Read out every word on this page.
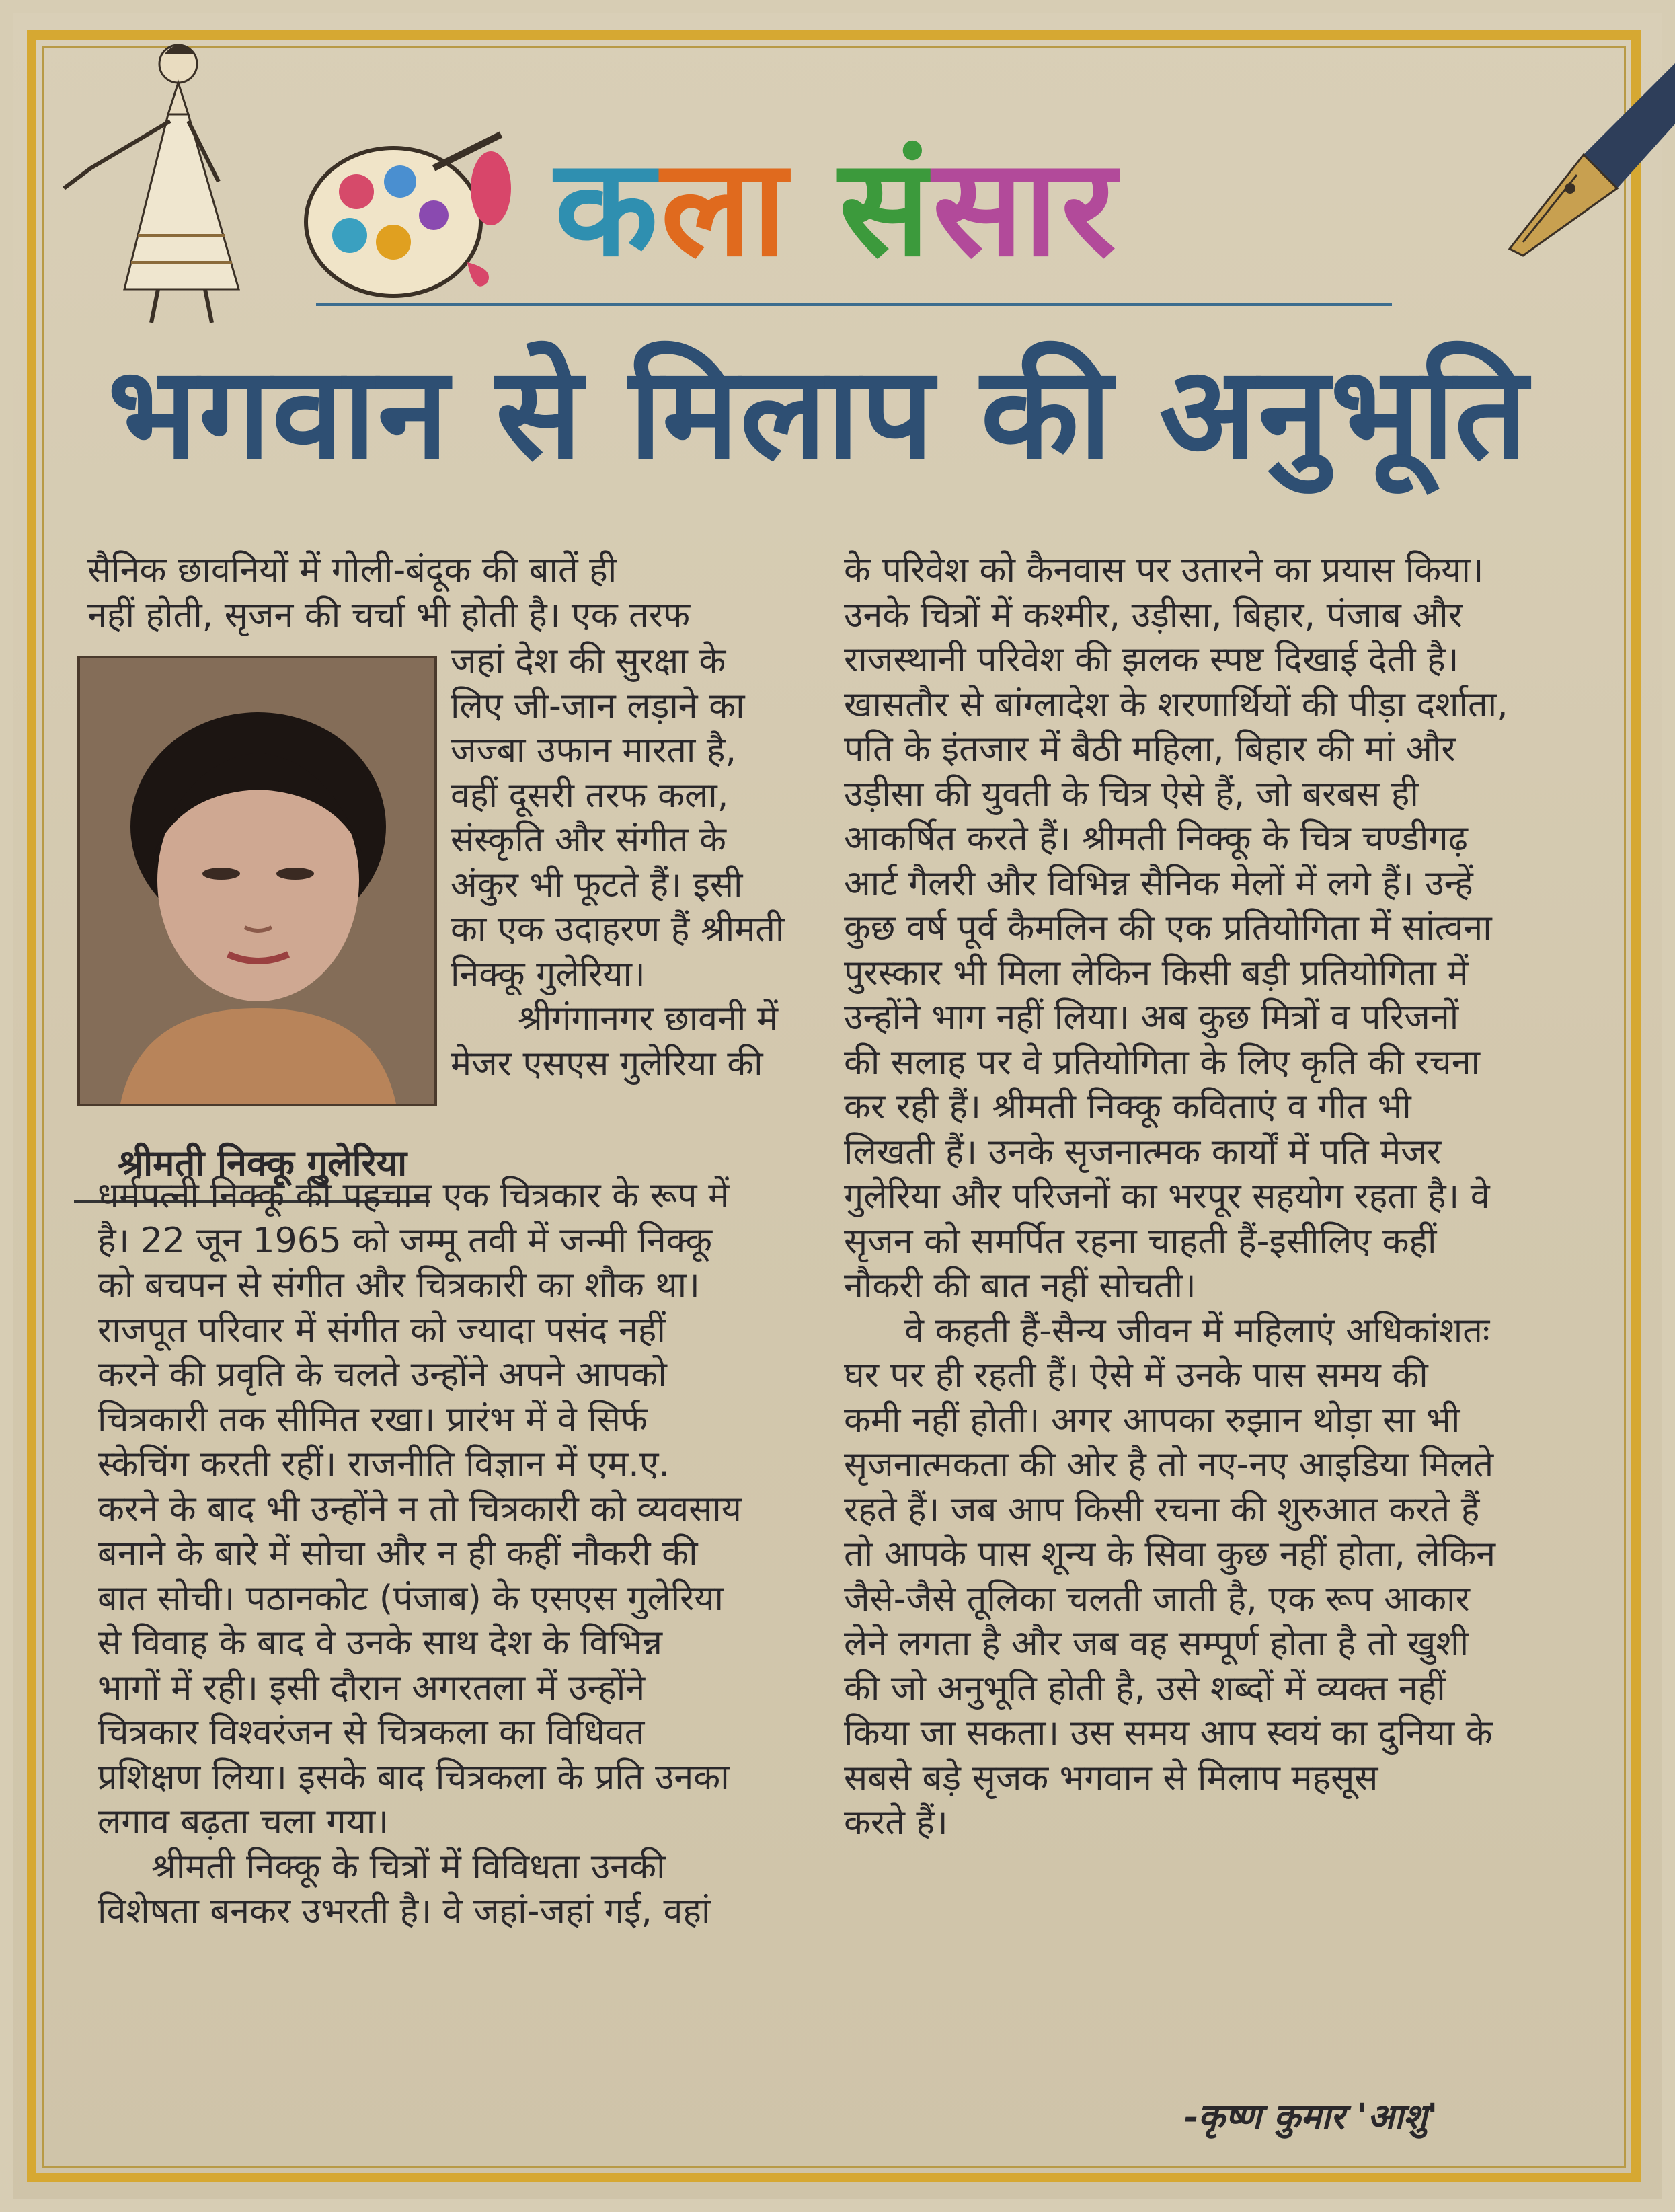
कला संसार
भगवान से मिलाप की अनुभूति
सैनिक छावनियों में गोली-बंदूक की बातें ही
नहीं होती, सृजन की चर्चा भी होती है। एक तरफ
जहां देश की सुरक्षा के
लिए जी-जान लड़ाने का
जज्बा उफान मारता है,
वहीं दूसरी तरफ कला,
संस्कृति और संगीत के
अंकुर भी फूटते हैं। इसी
का एक उदाहरण हैं श्रीमती
निक्कू गुलेरिया।
श्रीगंगानगर छावनी में
मेजर एसएस गुलेरिया की
श्रीमती निक्कू गुलेरिया
धर्मपत्नी निक्कू की पहचान एक चित्रकार के रूप में
है। 22 जून 1965 को जम्मू तवी में जन्मी निक्कू
को बचपन से संगीत और चित्रकारी का शौक था।
राजपूत परिवार में संगीत को ज्यादा पसंद नहीं
करने की प्रवृति के चलते उन्होंने अपने आपको
चित्रकारी तक सीमित रखा। प्रारंभ में वे सिर्फ
स्केचिंग करती रहीं। राजनीति विज्ञान में एम.ए.
करने के बाद भी उन्होंने न तो चित्रकारी को व्यवसाय
बनाने के बारे में सोचा और न ही कहीं नौकरी की
बात सोची। पठानकोट (पंजाब) के एसएस गुलेरिया
से विवाह के बाद वे उनके साथ देश के विभिन्न
भागों में रही। इसी दौरान अगरतला में उन्होंने
चित्रकार विश्वरंजन से चित्रकला का विधिवत
प्रशिक्षण लिया। इसके बाद चित्रकला के प्रति उनका
लगाव बढ़ता चला गया।
श्रीमती निक्कू के चित्रों में विविधता उनकी
विशेषता बनकर उभरती है। वे जहां-जहां गई, वहां
के परिवेश को कैनवास पर उतारने का प्रयास किया।
उनके चित्रों में कश्मीर, उड़ीसा, बिहार, पंजाब और
राजस्थानी परिवेश की झलक स्पष्ट दिखाई देती है।
खासतौर से बांग्लादेश के शरणार्थियों की पीड़ा दर्शाता,
पति के इंतजार में बैठी महिला, बिहार की मां और
उड़ीसा की युवती के चित्र ऐसे हैं, जो बरबस ही
आकर्षित करते हैं। श्रीमती निक्कू के चित्र चण्डीगढ़
आर्ट गैलरी और विभिन्न सैनिक मेलों में लगे हैं। उन्हें
कुछ वर्ष पूर्व कैमलिन की एक प्रतियोगिता में सांत्वना
पुरस्कार भी मिला लेकिन किसी बड़ी प्रतियोगिता में
उन्होंने भाग नहीं लिया। अब कुछ मित्रों व परिजनों
की सलाह पर वे प्रतियोगिता के लिए कृति की रचना
कर रही हैं। श्रीमती निक्कू कविताएं व गीत भी
लिखती हैं। उनके सृजनात्मक कार्यों में पति मेजर
गुलेरिया और परिजनों का भरपूर सहयोग रहता है। वे
सृजन को समर्पित रहना चाहती हैं-इसीलिए कहीं
नौकरी की बात नहीं सोचती।
वे कहती हैं-सैन्य जीवन में महिलाएं अधिकांशतः
घर पर ही रहती हैं। ऐसे में उनके पास समय की
कमी नहीं होती। अगर आपका रुझान थोड़ा सा भी
सृजनात्मकता की ओर है तो नए-नए आइडिया मिलते
रहते हैं। जब आप किसी रचना की शुरुआत करते हैं
तो आपके पास शून्य के सिवा कुछ नहीं होता, लेकिन
जैसे-जैसे तूलिका चलती जाती है, एक रूप आकार
लेने लगता है और जब वह सम्पूर्ण होता है तो खुशी
की जो अनुभूति होती है, उसे शब्दों में व्यक्त नहीं
किया जा सकता। उस समय आप स्वयं का दुनिया के
सबसे बड़े सृजक भगवान से मिलाप महसूस
करते हैं।
-कृष्ण कुमार 'आशु'
